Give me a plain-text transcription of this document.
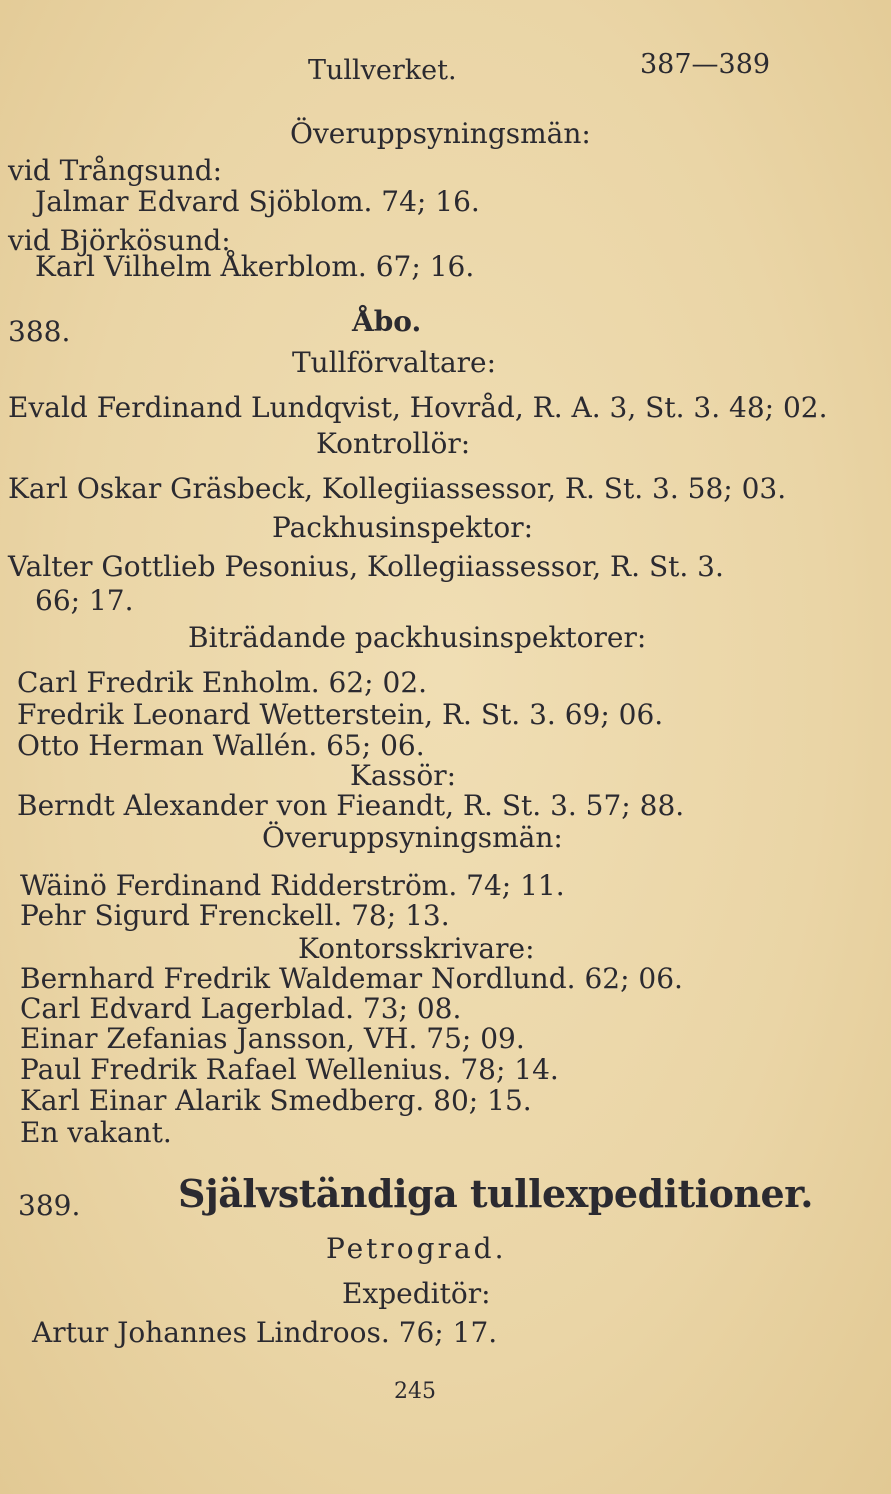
Tullverket.	387—389
Överuppsyningsmän:
vid Trångsund:
Jalmar Edvard Sjöblom. 74; 16.
vid Björkösund:
Karl Vilhelm Åkerblom. 67; 16.
388.	Åbo.
Tullförvaltare:
Evald Ferdinand Lundqvist, Hovråd, R. A. 3, St. 3. 48; 02.
Kontrollör:
Karl Oskar Gräsbeck, Kollegiiassessor, R. St. 3. 58; 03.
Packhusinspektor:
Valter Gottlieb Pesonius, Kollegiiassessor, R. St. 3.
66; 17.
Biträdande packhusinspektorer:
Carl Fredrik Enholm. 62; 02.
Fredrik Leonard Wetterstein, R. St. 3. 69; 06.
Otto Herman Wallén. 65; 06.
Kassör:
Berndt Alexander von Fieandt, R. St. 3. 57; 88.
Överuppsyningsmän:
Wäinö Ferdinand Ridderström. 74; 11.
Pehr Sigurd Frenckell. 78; 13.
Kontorsskrivare:
Bernhard Fredrik Waldemar Nordlund. 62; 06.
Carl Edvard Lagerblad. 73; 08.
Einar Zefanias Jansson, VH. 75; 09.
Paul Fredrik Rafael Wellenius. 78; 14.
Karl Einar Alarik Smedberg. 80; 15.
En vakant.
389.	Självständiga tullexpeditioner.
Petrograd.
Expeditör:
Artur Johannes Lindroos. 76; 17.
245
